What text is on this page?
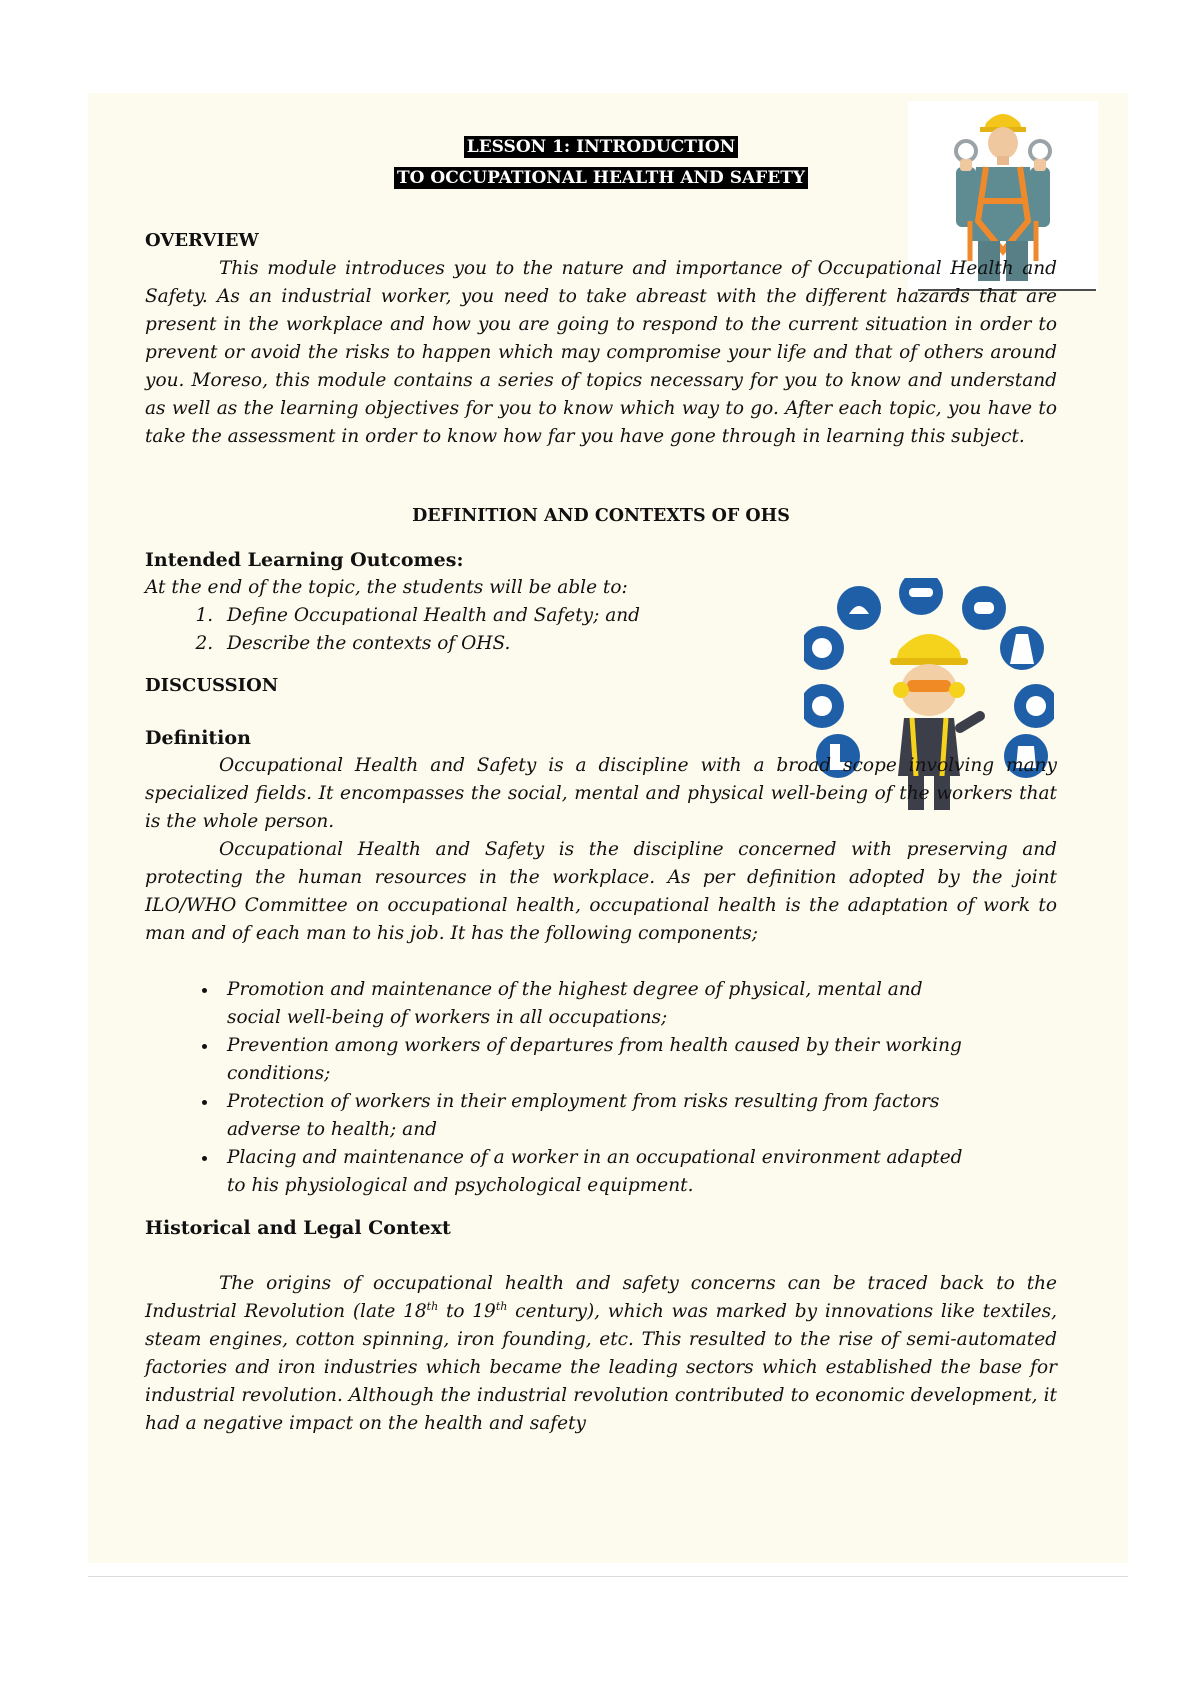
LESSON 1: INTRODUCTION
TO OCCUPATIONAL HEALTH AND SAFETY
OVERVIEW

This module introduces you to the nature and importance of Occupational Health and Safety. As an industrial worker, you need to take abreast with the different hazards that are present in the workplace and how you are going to respond to the current situation in order to prevent or avoid the risks to happen which may compromise your life and that of others around you. Moreso, this module contains a series of topics necessary for you to know and understand as well as the learning objectives for you to know which way to go. After each topic, you have to take the assessment in order to know how far you have gone through in learning this subject.

DEFINITION AND CONTEXTS OF OHS

Intended Learning Outcomes:

At the end of the topic, the students will be able to:

1. Define Occupational Health and Safety; and
2. Describe the contexts of OHS.
DISCUSSION
Definition

Occupational Health and Safety is a discipline with a broad scope involving many specialized fields. It encompasses the social, mental and physical well-being of the workers that is the whole person.

Occupational Health and Safety is the discipline concerned with preserving and protecting the human resources in the workplace. As per definition adopted by the joint ILO/WHO Committee on occupational health, occupational health is the adaptation of work to man and of each man to his job. It has the following components;

• Promotion and maintenance of the highest degree of physical, mental and social well-being of workers in all occupations;
• Prevention among workers of departures from health caused by their working conditions;
• Protection of workers in their employment from risks resulting from factors adverse to health; and
• Placing and maintenance of a worker in an occupational environment adapted to his physiological and psychological equipment.
Historical and Legal Context

The origins of occupational health and safety concerns can be traced back to the Industrial Revolution (late 18th to 19th century), which was marked by innovations like textiles, steam engines, cotton spinning, iron founding, etc. This resulted to the rise of semi-automated factories and iron industries which became the leading sectors which established the base for industrial revolution. Although the industrial revolution contributed to economic development, it had a negative impact on the health and safety
